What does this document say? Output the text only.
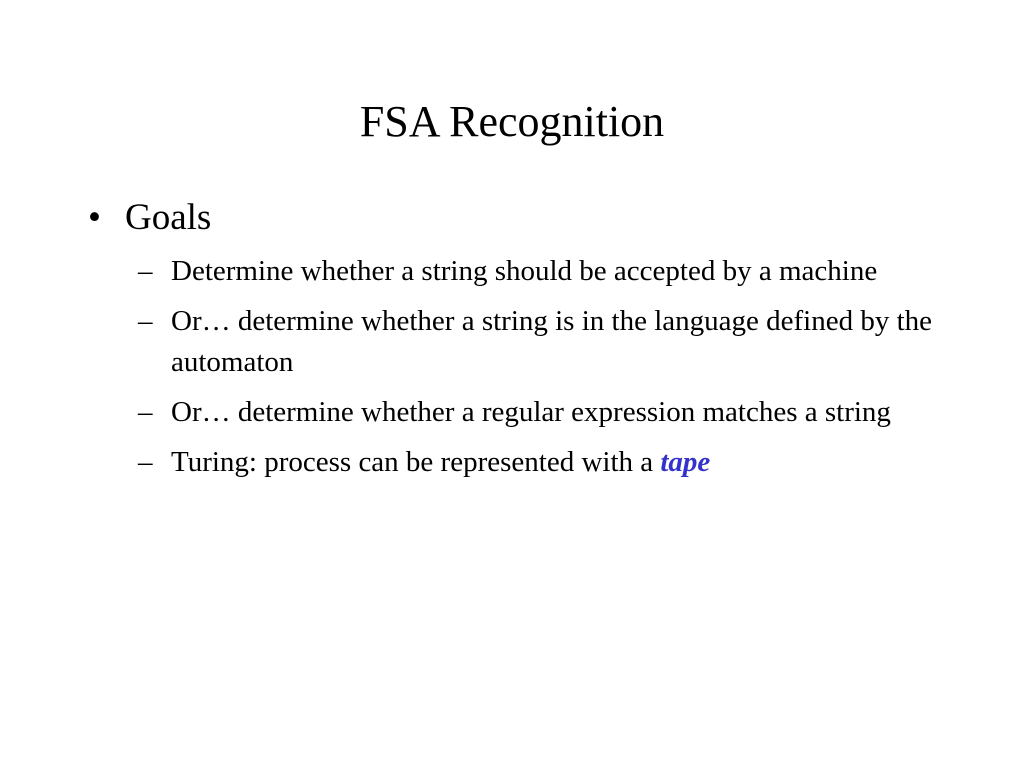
FSA Recognition
• Goals
– Determine whether a string should be accepted by a machine
– Or… determine whether a string is in the language defined by the automaton
– Or… determine whether a regular expression matches a string
– Turing: process can be represented with a tape
